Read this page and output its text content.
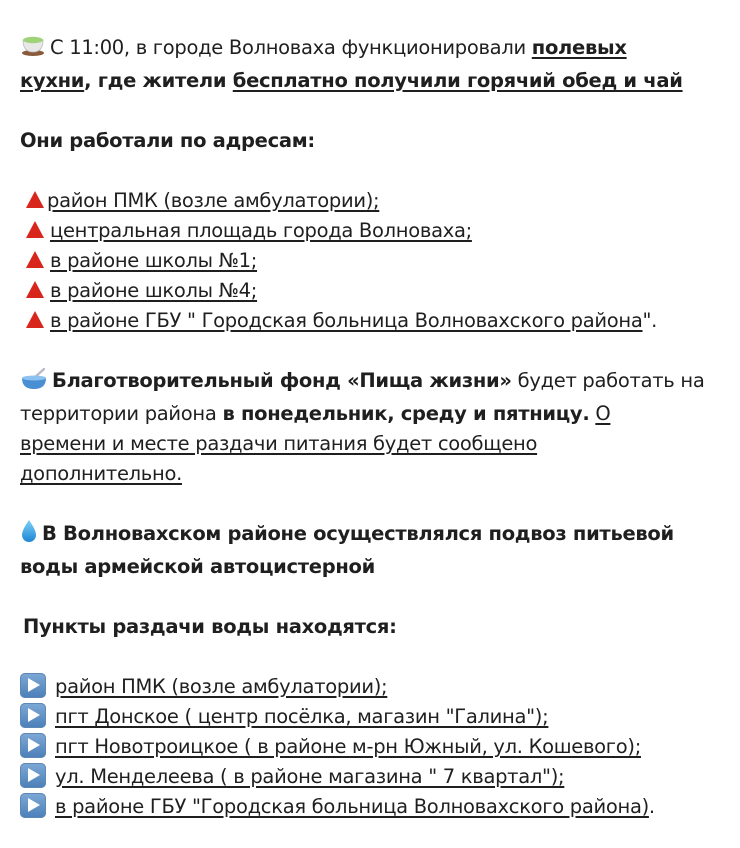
С 11:00, в городе Волноваха функционировали полевых
кухни, где жители бесплатно получили горячий обед и чай
Они работали по адресам:
район ПМК (возле амбулатории);
центральная площадь города Волноваха;
в районе школы №1;
в районе школы №4;
в районе ГБУ " Городская больница Волновахского района".
Благотворительный фонд «Пища жизни» будет работать на
территории района в понедельник, среду и пятницу. О
времени и месте раздачи питания будет сообщено
дополнительно.
В Волновахском районе осуществлялся подвоз питьевой
воды армейской автоцистерной
Пункты раздачи воды находятся:
район ПМК (возле амбулатории);
пгт Донское ( центр посёлка, магазин "Галина");
пгт Новотроицкое ( в районе м-рн Южный, ул. Кошевого);
ул. Менделеева ( в районе магазина " 7 квартал");
в районе ГБУ "Городская больница Волновахского района).
